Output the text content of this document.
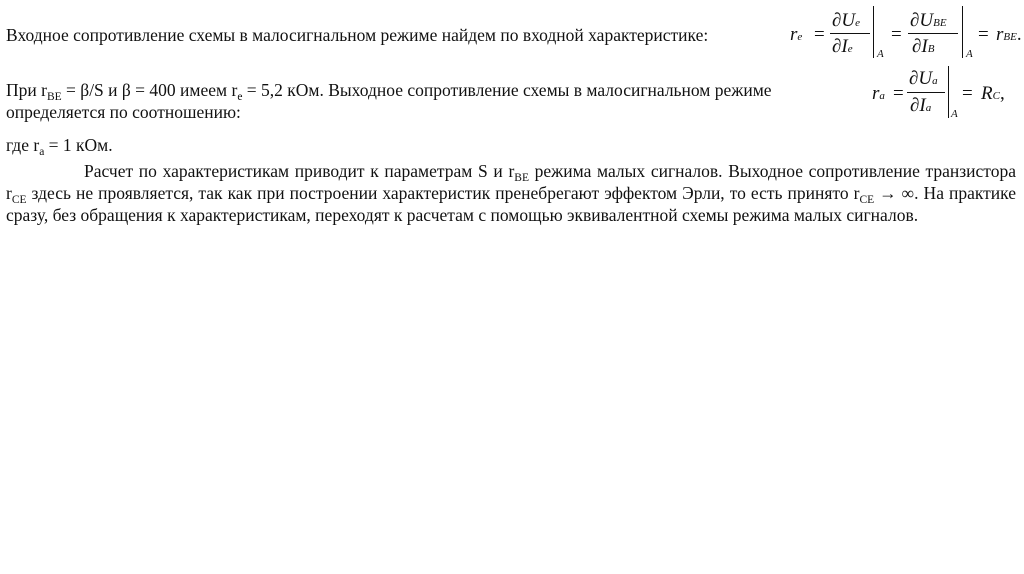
Входное сопротивление схемы в малосигнальном режиме найдем по входной характеристике:	re =
∂Ue
∂Ie A
=
∂UBE
∂IB	A
= rBE.
При $r_{BE} = \beta/S$ и β = 400 имеем $r_e = 5,2$ кОм. Выходное сопротивление схемы в малосигнальном режиме
определяется по соотношению:
ra =
∂Ua
∂Ia A
= RC,
где $r_a = 1$ кОм.
Расчет по характеристикам приводит к параметрам S и $r_{BE}$ режима малых сигналов. Выходное сопротивление транзистора $r_{CE}$ здесь не проявляется, так как при построении характеристик пренебрегают эффектом Эрли, то есть принято $r_{CE}$ → ∞. На практике сразу, без обращения к характеристикам, переходят к расчетам с помощью эквивалентной схемы режима малых сигналов.
